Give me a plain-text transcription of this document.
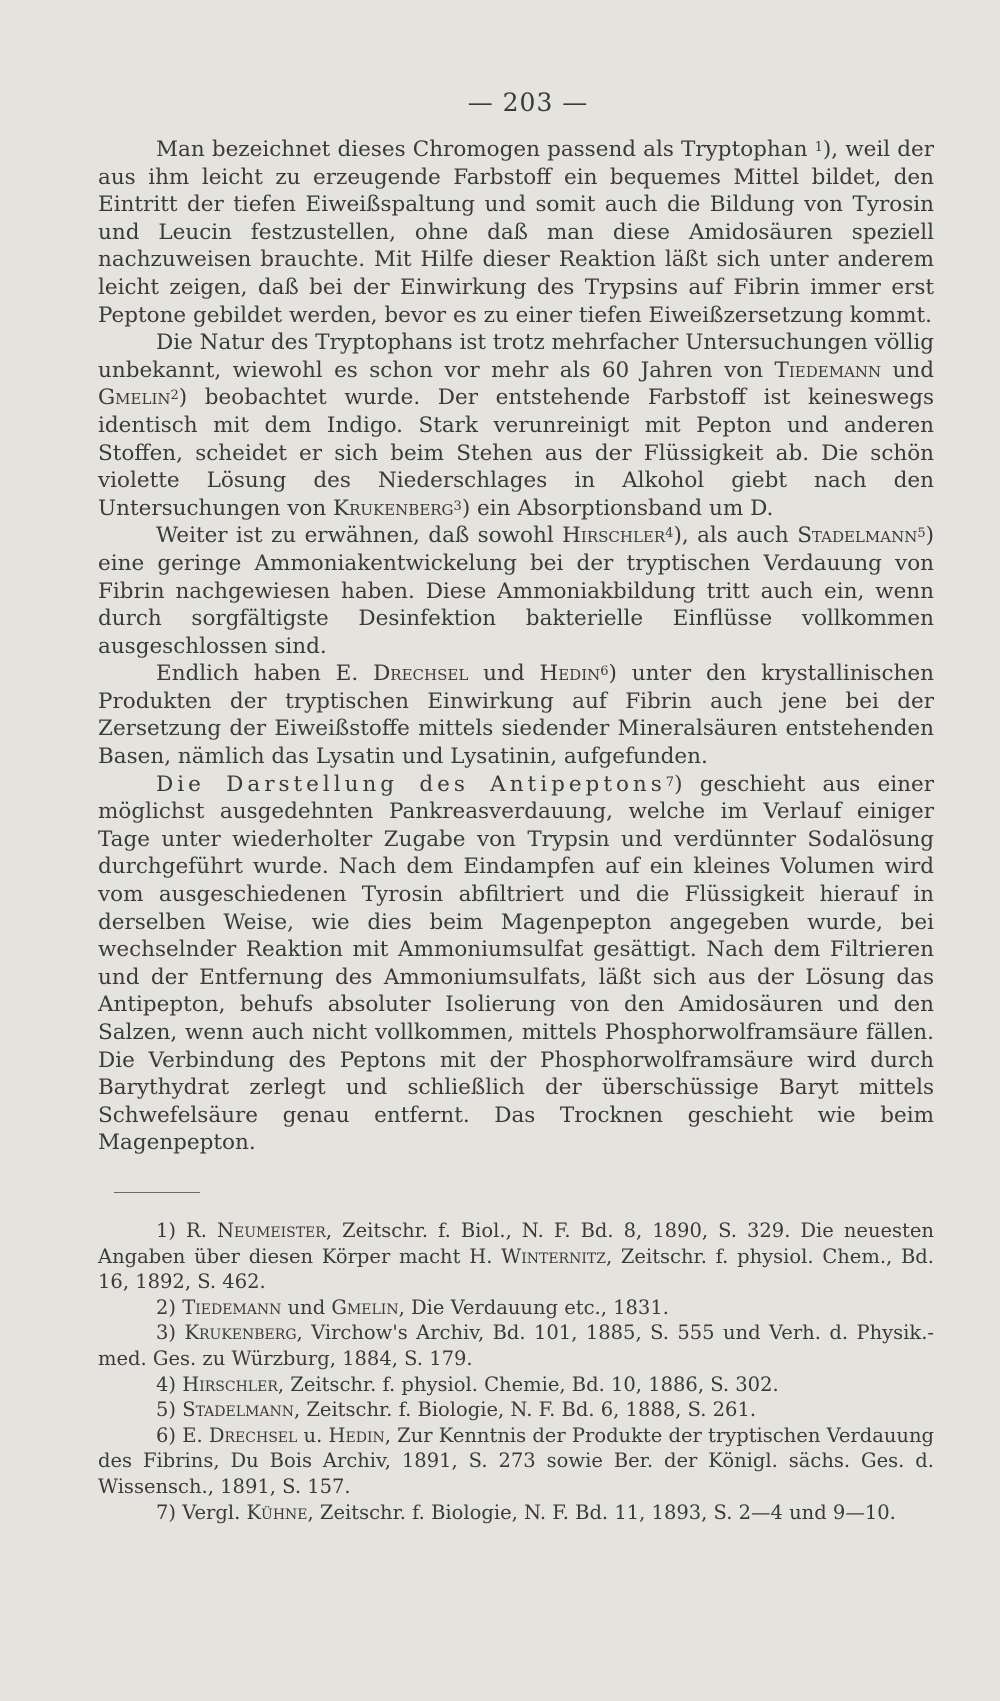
— 203 —

Man bezeichnet dieses Chromogen passend als Tryptophan $^1$), weil der aus ihm leicht zu erzeugende Farbstoff ein bequemes Mittel bildet, den Eintritt der tiefen Eiweißspaltung und somit auch die Bildung von Tyrosin und Leucin festzustellen, ohne daß man diese Amidosäuren speziell nachzuweisen brauchte. Mit Hilfe dieser Reaktion läßt sich unter anderem leicht zeigen, daß bei der Einwirkung des Trypsins auf Fibrin immer erst Peptone gebildet werden, bevor es zu einer tiefen Eiweißzersetzung kommt.

Die Natur des Tryptophans ist trotz mehrfacher Untersuchungen völlig unbekannt, wiewohl es schon vor mehr als 60 Jahren von Tiedemann und Gmelin$^2$) beobachtet wurde. Der entstehende Farbstoff ist keineswegs identisch mit dem Indigo. Stark verunreinigt mit Pepton und anderen Stoffen, scheidet er sich beim Stehen aus der Flüssigkeit ab. Die schön violette Lösung des Niederschlages in Alkohol giebt nach den Untersuchungen von Krukenberg$^3$) ein Absorptionsband um D.

Weiter ist zu erwähnen, daß sowohl Hirschler$^4$), als auch Stadelmann$^5$) eine geringe Ammoniakentwickelung bei der tryptischen Verdauung von Fibrin nachgewiesen haben. Diese Ammoniakbildung tritt auch ein, wenn durch sorgfältigste Desinfektion bakterielle Einflüsse vollkommen ausgeschlossen sind.

Endlich haben E. Drechsel und Hedin$^6$) unter den krystallinischen Produkten der tryptischen Einwirkung auf Fibrin auch jene bei der Zersetzung der Eiweißstoffe mittels siedender Mineralsäuren entstehenden Basen, nämlich das Lysatin und Lysatinin, aufgefunden.

Die Darstellung des Antipeptons$^7$) geschieht aus einer möglichst ausgedehnten Pankreasverdauung, welche im Verlauf einiger Tage unter wiederholter Zugabe von Trypsin und verdünnter Sodalösung durchgeführt wurde. Nach dem Eindampfen auf ein kleines Volumen wird vom ausgeschiedenen Tyrosin abfiltriert und die Flüssigkeit hierauf in derselben Weise, wie dies beim Magenpepton angegeben wurde, bei wechselnder Reaktion mit Ammoniumsulfat gesättigt. Nach dem Filtrieren und der Entfernung des Ammoniumsulfats, läßt sich aus der Lösung das Antipepton, behufs absoluter Isolierung von den Amidosäuren und den Salzen, wenn auch nicht vollkommen, mittels Phosphorwolframsäure fällen. Die Verbindung des Peptons mit der Phosphorwolframsäure wird durch Barythydrat zerlegt und schließlich der überschüssige Baryt mittels Schwefelsäure genau entfernt. Das Trocknen geschieht wie beim Magenpepton.

1) R. Neumeister, Zeitschr. f. Biol., N. F. Bd. 8, 1890, S. 329. Die neuesten Angaben über diesen Körper macht H. Winternitz, Zeitschr. f. physiol. Chem., Bd. 16, 1892, S. 462.

2) Tiedemann und Gmelin, Die Verdauung etc., 1831.

3) Krukenberg, Virchow's Archiv, Bd. 101, 1885, S. 555 und Verh. d. Physik.-med. Ges. zu Würzburg, 1884, S. 179.

4) Hirschler, Zeitschr. f. physiol. Chemie, Bd. 10, 1886, S. 302.

5) Stadelmann, Zeitschr. f. Biologie, N. F. Bd. 6, 1888, S. 261.

6) E. Drechsel u. Hedin, Zur Kenntnis der Produkte der tryptischen Verdauung des Fibrins, Du Bois Archiv, 1891, S. 273 sowie Ber. der Königl. sächs. Ges. d. Wissensch., 1891, S. 157.

7) Vergl. Kühne, Zeitschr. f. Biologie, N. F. Bd. 11, 1893, S. 2—4 und 9—10.
